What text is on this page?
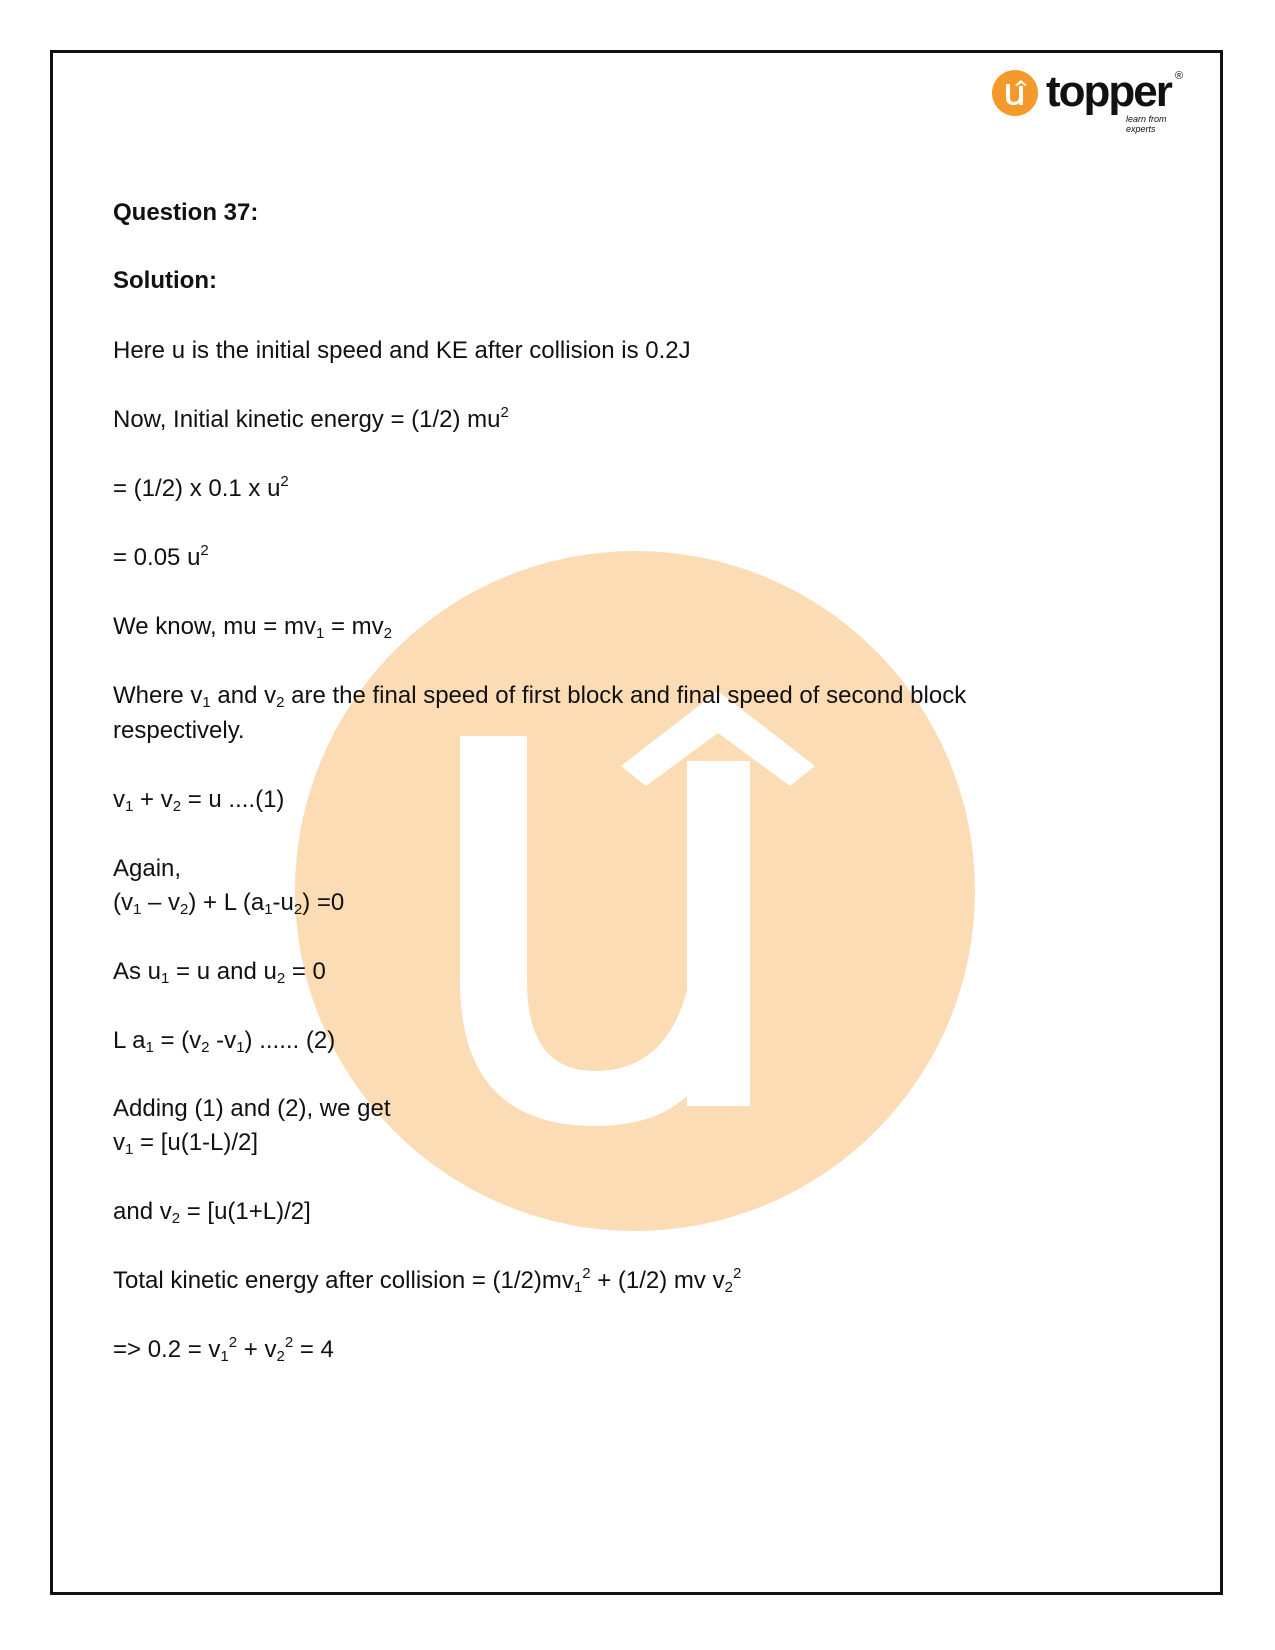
topper ®
learn from experts
Question 37:
Solution:
Here u is the initial speed and KE after collision is 0.2J
Now, Initial kinetic energy = (1/2) $mu^2$
= (1/2) x 0.1 x $u^2$
= 0.05 $u^2$
We know, mu = $mv_1 = mv_2$
Where $v_1$ and $v_2$ are the final speed of first block and final speed of second block
respectively.
$v_1 + v_2 = u$ ....(1)
Again,
$(v_1 - v_2) + L$ $(a_1-u_2) =0$
As $u_1 = u$ and $u_2 = 0$
L $a_1 = (v_2$ $-v_1$) ...... (2)
Adding (1) and (2), we get
$v_1 = [u(1-L)/2]$
and $v_2 = [u(1+L)/2]$
Total kinetic energy after collision = $(1/2)mv_1^2 + (1/2)$ mv $v_2^2$
=> $0.2 = v_1^2 + v_2^2 = 4$
